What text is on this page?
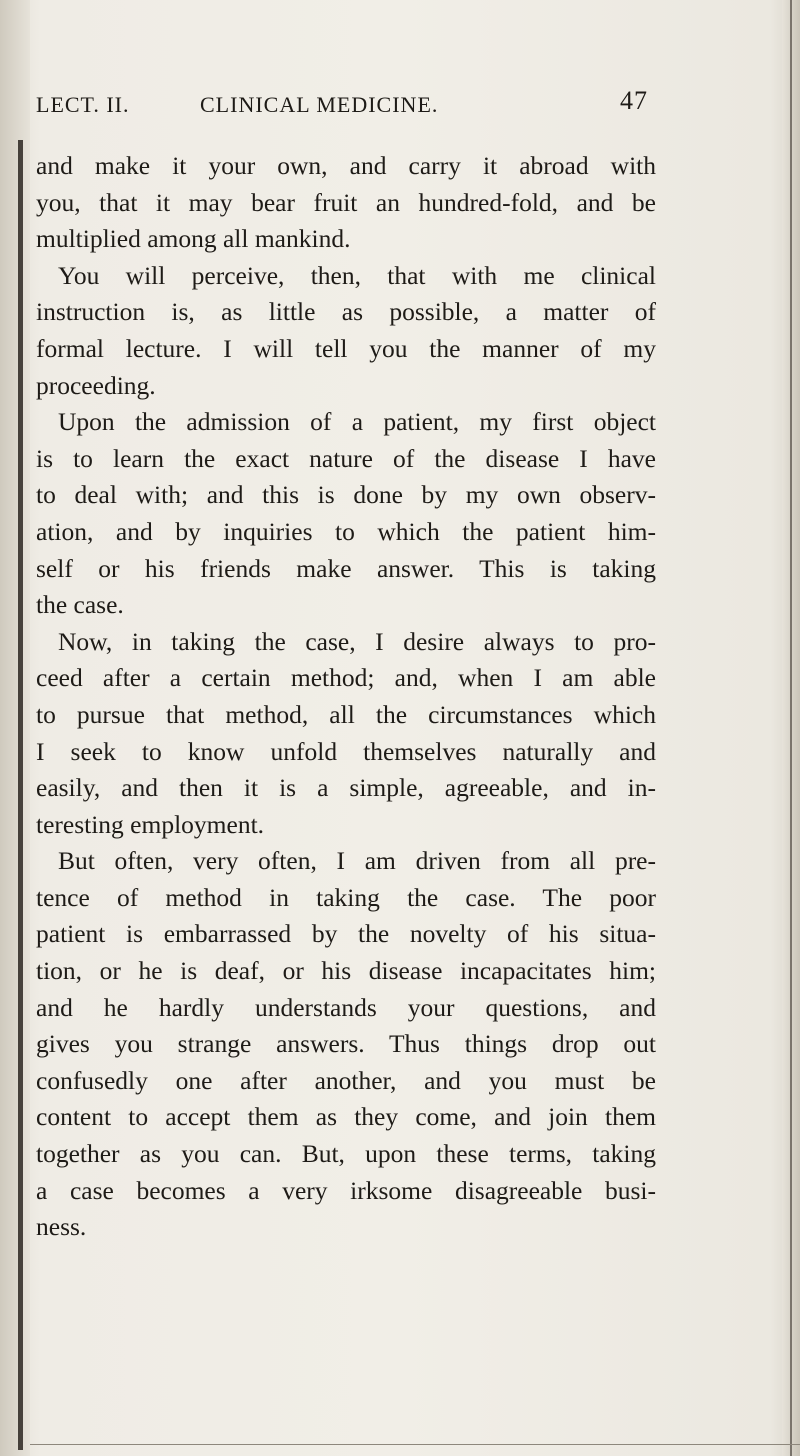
LECT. II.	CLINICAL MEDICINE.	47
and make it your own, and carry it abroad with
you, that it may bear fruit an hundred-fold, and be
multiplied among all mankind.
You will perceive, then, that with me clinical
instruction is, as little as possible, a matter of
formal lecture. I will tell you the manner of my
proceeding.
Upon the admission of a patient, my first object
is to learn the exact nature of the disease I have
to deal with; and this is done by my own observ-
ation, and by inquiries to which the patient him-
self or his friends make answer. This is taking
the case.
Now, in taking the case, I desire always to pro-
ceed after a certain method; and, when I am able
to pursue that method, all the circumstances which
I seek to know unfold themselves naturally and
easily, and then it is a simple, agreeable, and in-
teresting employment.
But often, very often, I am driven from all pre-
tence of method in taking the case. The poor
patient is embarrassed by the novelty of his situa-
tion, or he is deaf, or his disease incapacitates him;
and he hardly understands your questions, and
gives you strange answers. Thus things drop out
confusedly one after another, and you must be
content to accept them as they come, and join them
together as you can. But, upon these terms, taking
a case becomes a very irksome disagreeable busi-
ness.
